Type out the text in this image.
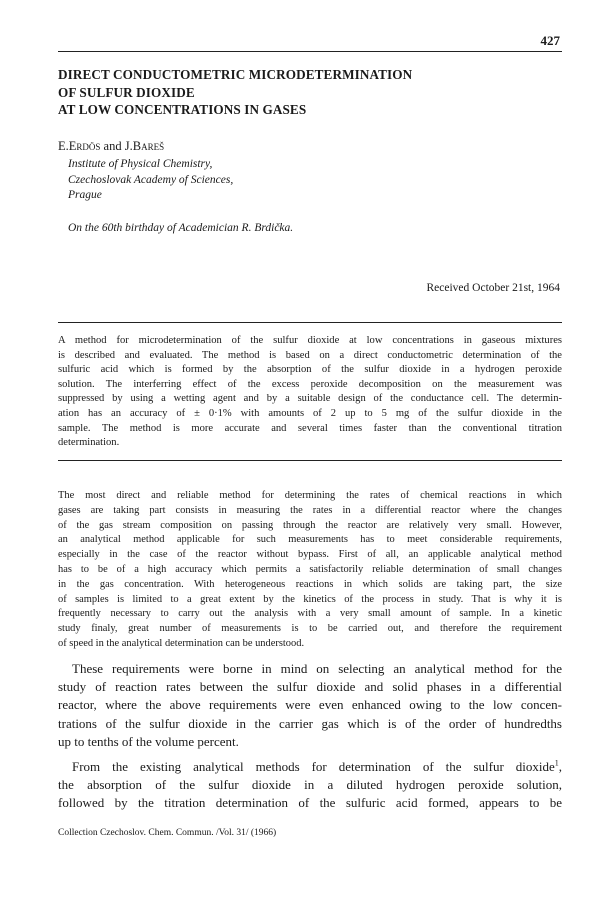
427
DIRECT CONDUCTOMETRIC MICRODETERMINATION
OF SULFUR DIOXIDE
AT LOW CONCENTRATIONS IN GASES
E.Erdös and J.Bareš
Institute of Physical Chemistry,
Czechoslovak Academy of Sciences,
Prague
On the 60th birthday of Academician R. Brdička.
Received October 21st, 1964
A method for microdetermination of the sulfur dioxide at low concentrations in gaseous mixtures
is described and evaluated. The method is based on a direct conductometric determination of the
sulfuric acid which is formed by the absorption of the sulfur dioxide in a hydrogen peroxide
solution. The interferring effect of the excess peroxide decomposition on the measurement was
suppressed by using a wetting agent and by a suitable design of the conductance cell. The determin-
ation has an accuracy of ± 0·1% with amounts of 2 up to 5 mg of the sulfur dioxide in the
sample. The method is more accurate and several times faster than the conventional titration
determination.
The most direct and reliable method for determining the rates of chemical reactions in which
gases are taking part consists in measuring the rates in a differential reactor where the changes
of the gas stream composition on passing through the reactor are relatively very small. However,
an analytical method applicable for such measurements has to meet considerable requirements,
especially in the case of the reactor without bypass. First of all, an applicable analytical method
has to be of a high accuracy which permits a satisfactorily reliable determination of small changes
in the gas concentration. With heterogeneous reactions in which solids are taking part, the size
of samples is limited to a great extent by the kinetics of the process in study. That is why it is
frequently necessary to carry out the analysis with a very small amount of sample. In a kinetic
study finaly, great number of measurements is to be carried out, and therefore the requirement
of speed in the analytical determination can be understood.
These requirements were borne in mind on selecting an analytical method for the
study of reaction rates between the sulfur dioxide and solid phases in a differential
reactor, where the above requirements were even enhanced owing to the low concen-
trations of the sulfur dioxide in the carrier gas which is of the order of hundredths
up to tenths of the volume percent.
From the existing analytical methods for determination of the sulfur dioxide$^1$,
the absorption of the sulfur dioxide in a diluted hydrogen peroxide solution,
followed by the titration determination of the sulfuric acid formed, appears to be
Collection Czechoslov. Chem. Commun. /Vol. 31/ (1966)
